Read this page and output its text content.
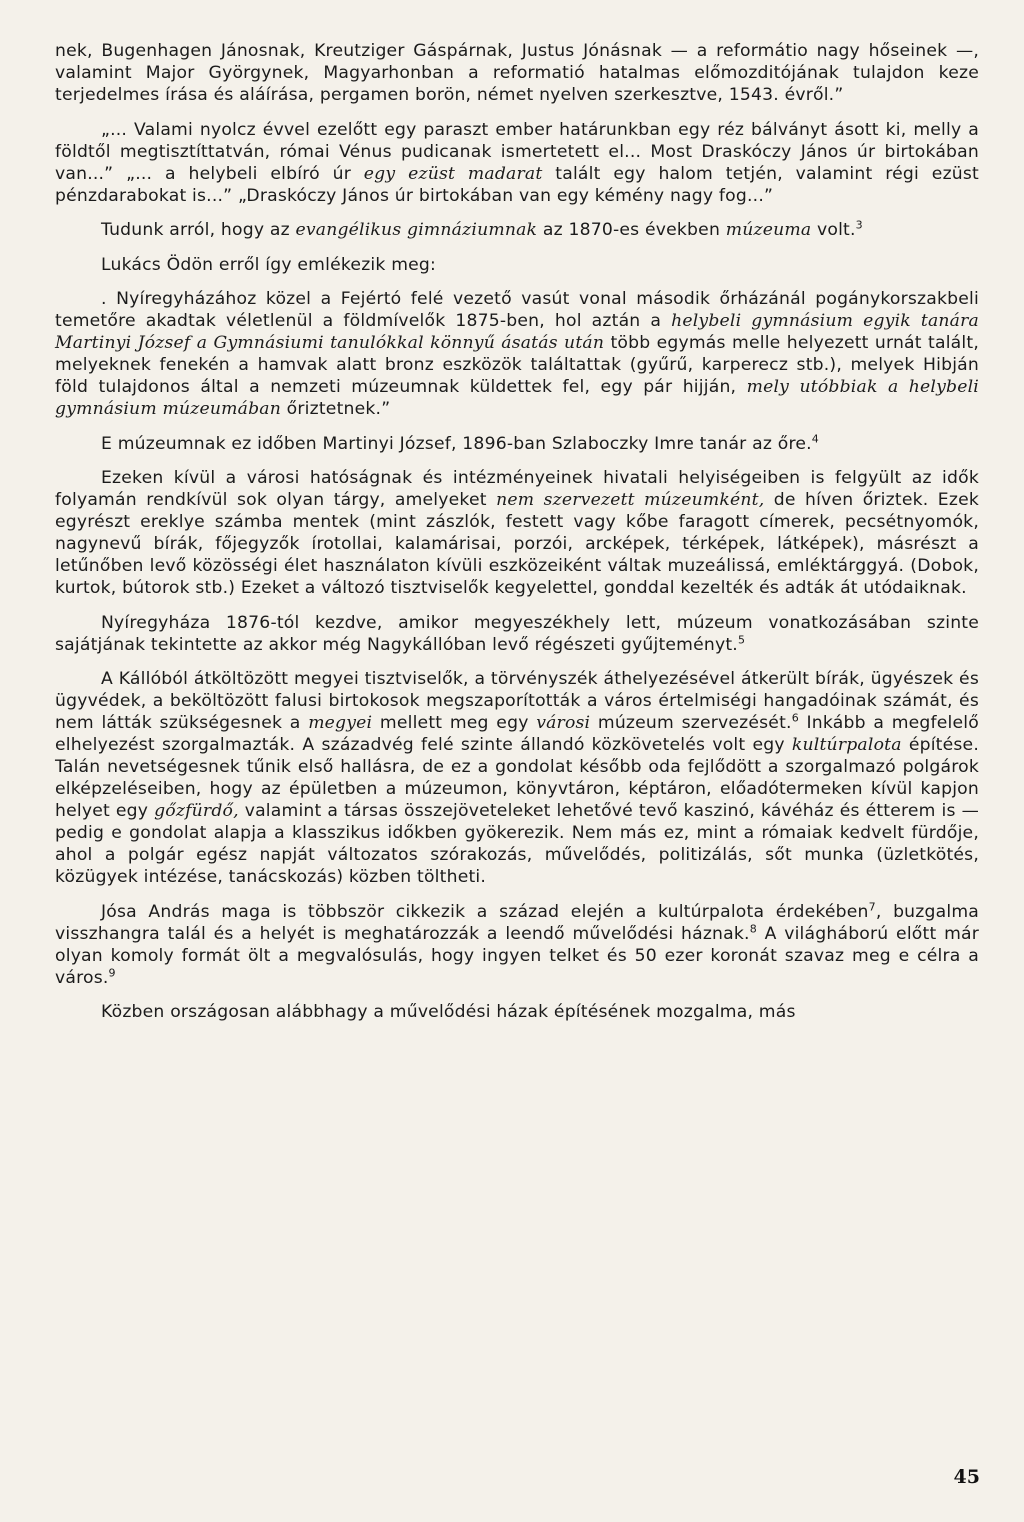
nek, Bugenhagen Jánosnak, Kreutziger Gáspárnak, Justus Jónásnak — a reformátio nagy hőseinek —, valamint Major Györgynek, Magyarhonban a reformatió hatalmas előmozditójának tulajdon keze terjedelmes írása és aláírása, pergamen borön, német nyelven szerkesztve, 1543. évről.”

„... Valami nyolcz évvel ezelőtt egy paraszt ember határunkban egy réz bálványt ásott ki, melly a földtől megtisztíttatván, római Vénus pudicanak ismertetett el... Most Draskóczy János úr birtokában van...” „... a helybeli elbíró úr egy ezüst madarat talált egy halom tetjén, valamint régi ezüst pénzdarabokat is...” „Draskóczy János úr birtokában van egy kémény nagy fog...”

Tudunk arról, hogy az evangélikus gimnáziumnak az 1870-es években múzeuma volt.$^3$

Lukács Ödön erről így emlékezik meg:

. Nyíregyházához közel a Fejértó felé vezető vasút vonal második őrházánál pogánykorszakbeli temetőre akadtak véletlenül a földmívelők 1875-ben, hol aztán a helybeli gymnásium egyik tanára Martinyi József a Gymnásiumi tanulókkal könnyű ásatás után több egymás melle helyezett urnát talált, melyeknek fenekén a hamvak alatt bronz eszközök találtattak (gyűrű, karperecz stb.), melyek Hibján föld tulajdonos által a nemzeti múzeumnak küldettek fel, egy pár hijján, mely utóbbiak a helybeli gymnásium múzeumában őriztetnek.”

E múzeumnak ez időben Martinyi József, 1896-ban Szlaboczky Imre tanár az őre.$^4$

Ezeken kívül a városi hatóságnak és intézményeinek hivatali helyiségeiben is felgyült az idők folyamán rendkívül sok olyan tárgy, amelyeket nem szervezett múzeumként, de híven őriztek. Ezek egyrészt ereklye számba mentek (mint zászlók, festett vagy kőbe faragott címerek, pecsétnyomók, nagynevű bírák, főjegyzők írotollai, kalamárisai, porzói, arcképek, térképek, látképek), másrészt a letűnőben levő közösségi élet használaton kívüli eszközeiként váltak muzeálissá, emléktárggyá. (Dobok, kurtok, bútorok stb.) Ezeket a változó tisztviselők kegyelettel, gonddal kezelték és adták át utódaiknak.

Nyíregyháza 1876-tól kezdve, amikor megyeszékhely lett, múzeum vonatkozásában szinte sajátjának tekintette az akkor még Nagykállóban levő régészeti gyűjteményt.$^5$

A Kállóból átköltözött megyei tisztviselők, a törvényszék áthelyezésével átkerült bírák, ügyészek és ügyvédek, a beköltözött falusi birtokosok megszaporították a város értelmiségi hangadóinak számát, és nem látták szükségesnek a megyei mellett meg egy városi múzeum szervezését.$^6$ Inkább a megfelelő elhelyezést szorgalmazták. A századvég felé szinte állandó közkövetelés volt egy kultúrpalota építése. Talán nevetségesnek tűnik első hallásra, de ez a gondolat később oda fejlődött a szorgalmazó polgárok elképzeléseiben, hogy az épületben a múzeumon, könyvtáron, képtáron, előadótermeken kívül kapjon helyet egy gőzfürdő, valamint a társas összejöveteleket lehetővé tevő kaszinó, kávéház és étterem is — pedig e gondolat alapja a klasszikus időkben gyökerezik. Nem más ez, mint a rómaiak kedvelt fürdője, ahol a polgár egész napját változatos szórakozás, művelődés, politizálás, sőt munka (üzletkötés, közügyek intézése, tanácskozás) közben töltheti.

Jósa András maga is többször cikkezik a század elején a kultúrpalota érdekében$^7$, buzgalma visszhangra talál és a helyét is meghatározzák a leendő művelődési háznak.$^8$ A világháború előtt már olyan komoly formát ölt a megvalósulás, hogy ingyen telket és 50 ezer koronát szavaz meg e célra a város.$^9$

Közben országosan alábbhagy a művelődési házak építésének mozgalma, más

45
